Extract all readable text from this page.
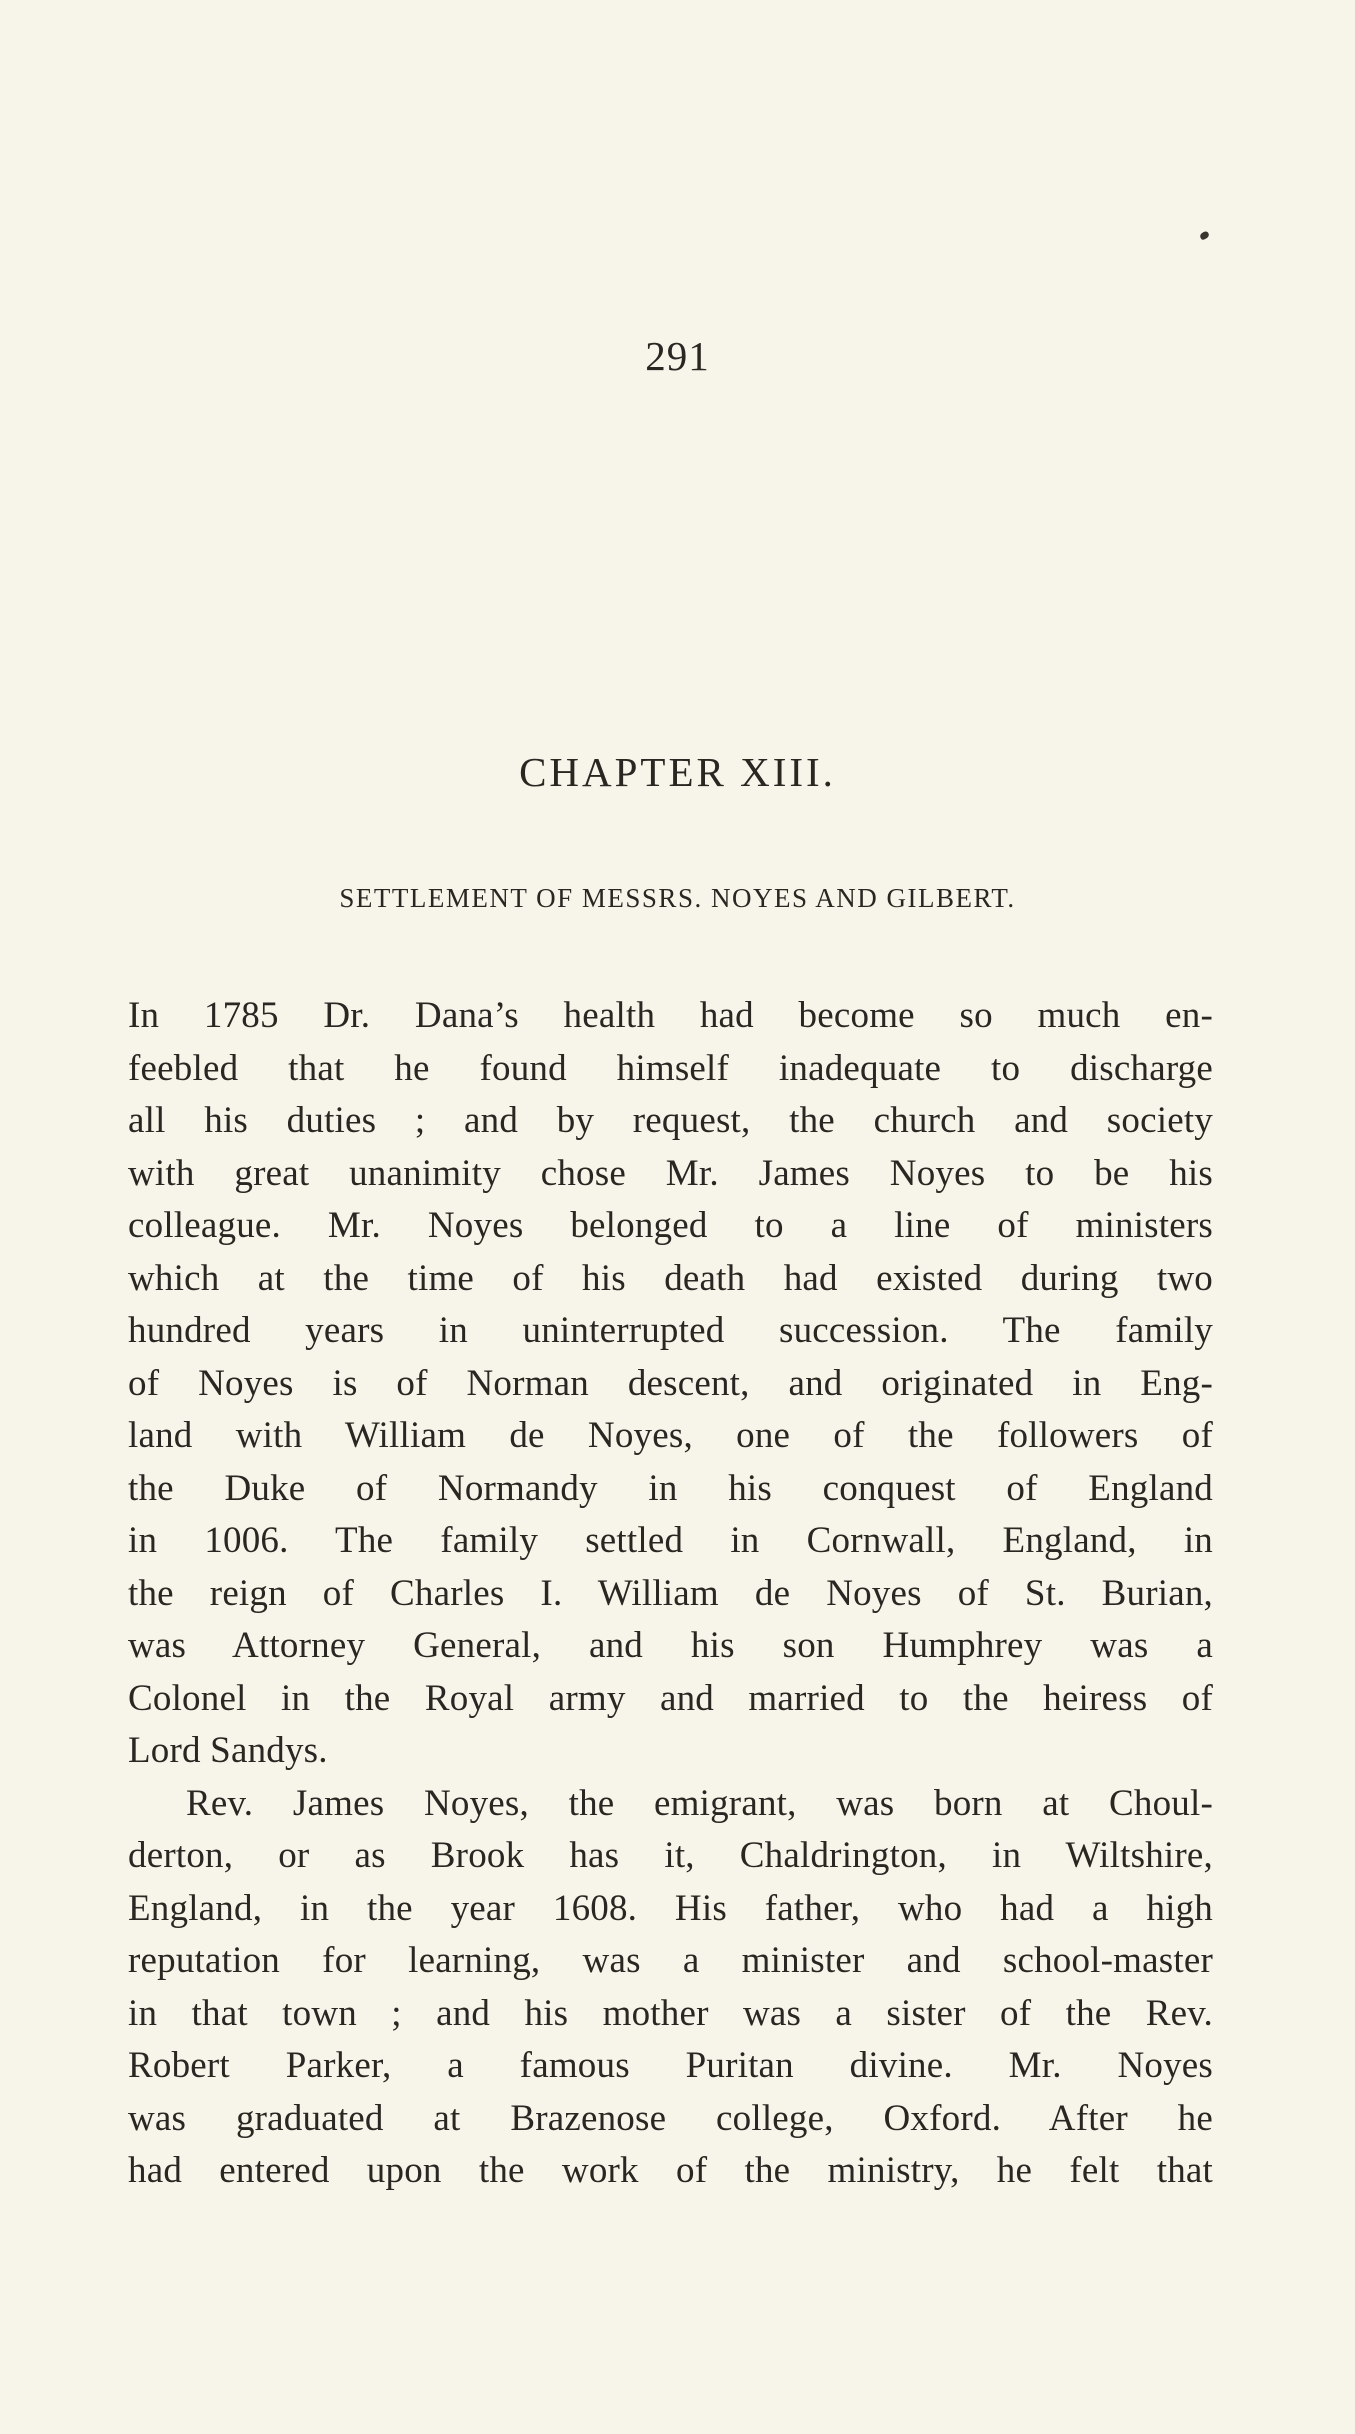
291
CHAPTER XIII.
SETTLEMENT OF MESSRS. NOYES AND GILBERT.
In 1785 Dr. Dana’s health had become so much en-
feebled that he found himself inadequate to discharge
all his duties ; and by request, the church and society
with great unanimity chose Mr. James Noyes to be his
colleague. Mr. Noyes belonged to a line of ministers
which at the time of his death had existed during two
hundred years in uninterrupted succession. The family
of Noyes is of Norman descent, and originated in Eng-
land with William de Noyes, one of the followers of
the Duke of Normandy in his conquest of England
in 1006. The family settled in Cornwall, England, in
the reign of Charles I. William de Noyes of St. Burian,
was Attorney General, and his son Humphrey was a
Colonel in the Royal army and married to the heiress of
Lord Sandys.
Rev. James Noyes, the emigrant, was born at Choul-
derton, or as Brook has it, Chaldrington, in Wiltshire,
England, in the year 1608. His father, who had a high
reputation for learning, was a minister and school-master
in that town ; and his mother was a sister of the Rev.
Robert Parker, a famous Puritan divine. Mr. Noyes
was graduated at Brazenose college, Oxford. After he
had entered upon the work of the ministry, he felt that
